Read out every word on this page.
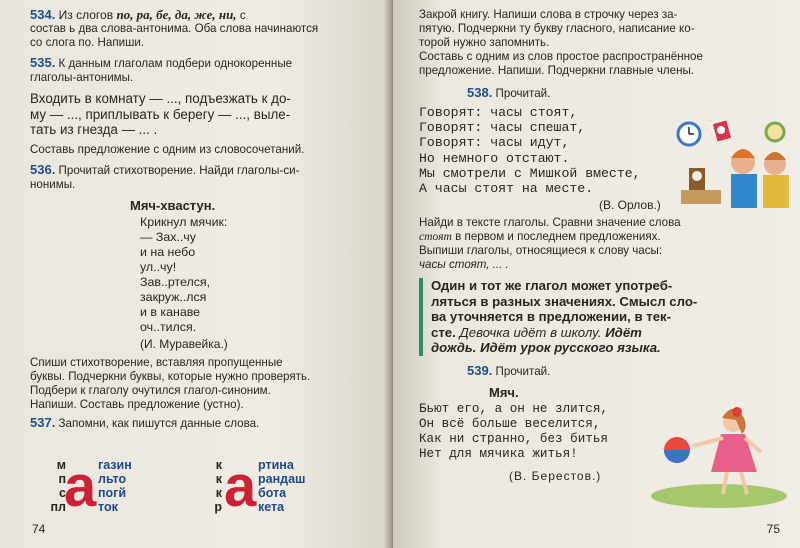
534. Из слогов по, ра, бе, да, же, ни, с

состав ь два слова-антонима. Оба слова начинаются

со слога по. Напиши.

535. К данным глаголам подбери однокоренные

глаголы-антонимы.

Входить в комнату — ..., подъезжать к до-

му — ..., приплывать к берегу — ..., выле-

тать из гнезда — ... .

Составь предложение с одним из словосочетаний.

536. Прочитай стихотворение. Найди глаголы-си-

нонимы.

Мяч-хвастун.

Крикнул мячик:
— Зах..чу
и на небо
ул..чу!
Зав..ртелся,
закруж..лся
и в канаве
оч..тился.

(И. Муравейка.)

Спиши стихотворение, вставляя пропущенные

буквы. Подчеркни буквы, которые нужно проверять.

Подбери к глаголу очутился глагол-синоним.

Напиши. Составь предложение (устно).

537. Запомни, как пишутся данные слова.

а
м
п
с
пл
газин
льто
погй
ток а
к
к
к
р
ртина
рандаш
бота
кета
74
Закрой книгу. Напиши слова в строчку через за-
пятую. Подчеркни ту букву гласного, написание ко-
торой нужно запомнить.
Составь с одним из слов простое распространённое
предложение. Напиши. Подчеркни главные члены.

538. Прочитай.

Говорят: часы стоят,
Говорят: часы спешат,
Говорят: часы идут,
Но немного отстают.
Мы смотрели с Мишкой вместе,
А часы стоят на месте.

(В. Орлов.)

Найди в тексте глаголы. Сравни значение слова

стоят в первом и последнем предложениях.

Выпиши глаголы, относящиеся к слову часы:

часы стоят, ... .

Один и тот же глагол может употреб-
ляться в разных значениях. Смысл сло-
ва уточняется в предложении, в тек-
сте. Девочка идёт в школу. Идёт
дождь. Идёт урок русского языка.

539. Прочитай.

Мяч.

Бьют его, а он не злится,
Он всё больше веселится,
Как ни странно, без битья
Нет для мячика житья!

(В. Берестов.)

75
